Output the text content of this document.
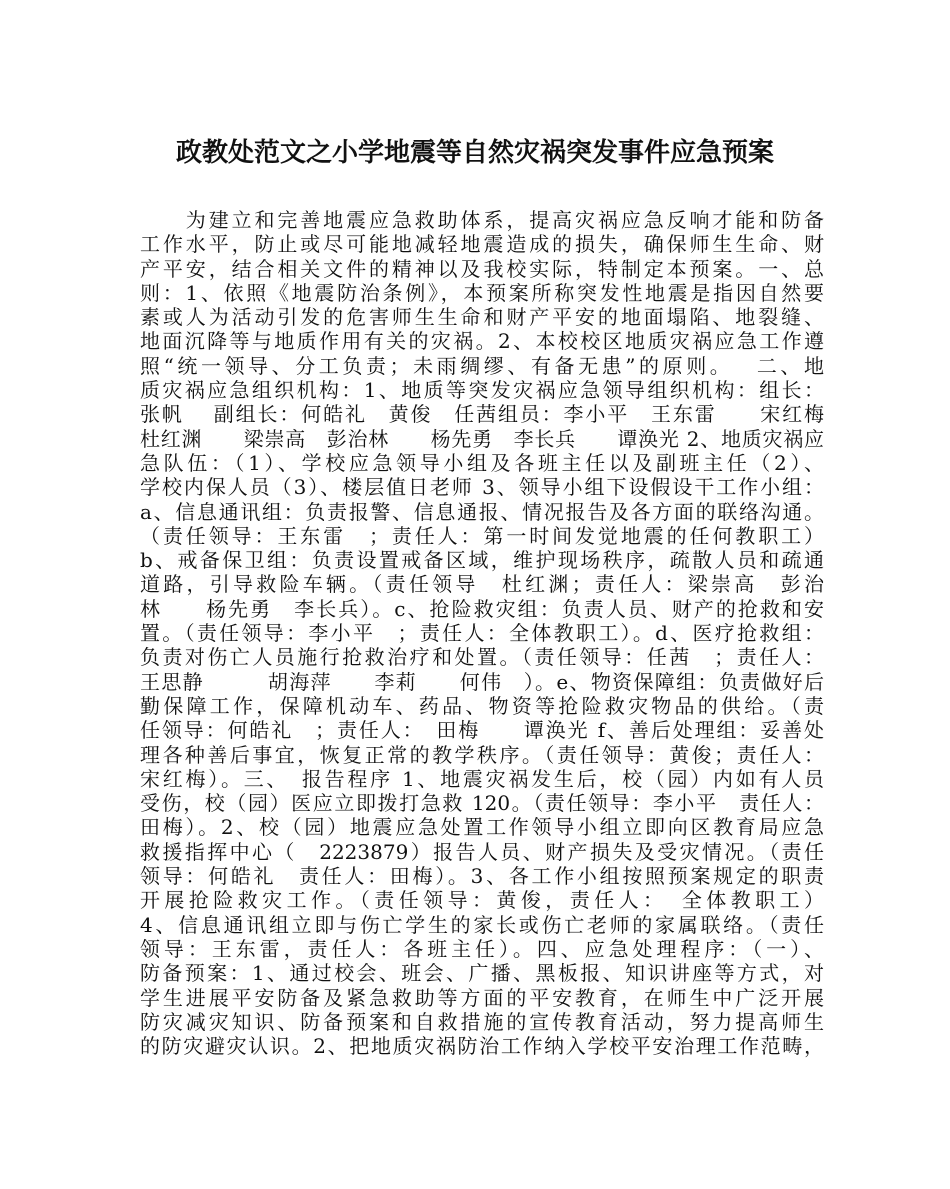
政教处范文之小学地震等自然灾祸突发事件应急预案
　　为建立和完善地震应急救助体系，提高灾祸应急反响才能和防备
工作水平，防止或尽可能地减轻地震造成的损失，确保师生生命、财
产平安，结合相关文件的精神以及我校实际，特制定本预案。一、总
则：1、依照《地震防治条例》，本预案所称突发性地震是指因自然要
素或人为活动引发的危害师生生命和财产平安的地面塌陷、地裂缝、
地面沉降等与地质作用有关的灾祸。2、本校校区地质灾祸应急工作遵
照“统一领导、分工负责；未雨绸缪、有备无患”的原则。　 二、地
质灾祸应急组织机构：1、地质等突发灾祸应急领导组织机构：组长：
张帆　 副组长：何皓礼　黄俊　任茜组员：李小平　王东雷　　宋红梅
杜红渊　　梁崇高　彭治林　　杨先勇　李长兵　　谭涣光 2、地质灾祸应
急队伍：（1）、学校应急领导小组及各班主任以及副班主任（2）、
学校内保人员（3）、楼层值日老师 3、领导小组下设假设干工作小组：
a、信息通讯组：负责报警、信息通报、情况报告及各方面的联络沟通。
（责任领导：王东雷　；责任人：第一时间发觉地震的任何教职工）
b、戒备保卫组：负责设置戒备区域，维护现场秩序，疏散人员和疏通
道路，引导救险车辆。（责任领导　杜红渊；责任人：梁崇高　彭治
林　　杨先勇　李长兵）。c、抢险救灾组：负责人员、财产的抢救和安
置。（责任领导：李小平　；责任人：全体教职工）。d、医疗抢救组：
负责对伤亡人员施行抢救治疗和处置。（责任领导：任茜　；责任人：
王思静　　　胡海萍　　李莉　　何伟　）。e、物资保障组：负责做好后
勤保障工作，保障机动车、药品、物资等抢险救灾物品的供给。（责
任领导：何皓礼　；责任人：　田梅　　谭涣光 f、善后处理组：妥善处
理各种善后事宜，恢复正常的教学秩序。（责任领导：黄俊；责任人：
宋红梅）。三、　报告程序 1、地震灾祸发生后，校（园）内如有人员
受伤，校（园）医应立即拨打急救 120。（责任领导：李小平　责任人：
田梅）。2、校（园）地震应急处置工作领导小组立即向区教育局应急
救援指挥中心（　2223879）报告人员、财产损失及受灾情况。（责任
领导：何皓礼　责任人：田梅）。3、各工作小组按照预案规定的职责
开展抢险救灾工作。（责任领导：黄俊，责任人：　全体教职工）
4、信息通讯组立即与伤亡学生的家长或伤亡老师的家属联络。（责任
领导：王东雷，责任人：各班主任）。四、应急处理程序：（一）、
防备预案：1、通过校会、班会、广播、黑板报、知识讲座等方式，对
学生进展平安防备及紧急救助等方面的平安教育，在师生中广泛开展
防灾减灾知识、防备预案和自救措施的宣传教育活动，努力提高师生
的防灾避灾认识。2、把地质灾祸防治工作纳入学校平安治理工作范畴，
